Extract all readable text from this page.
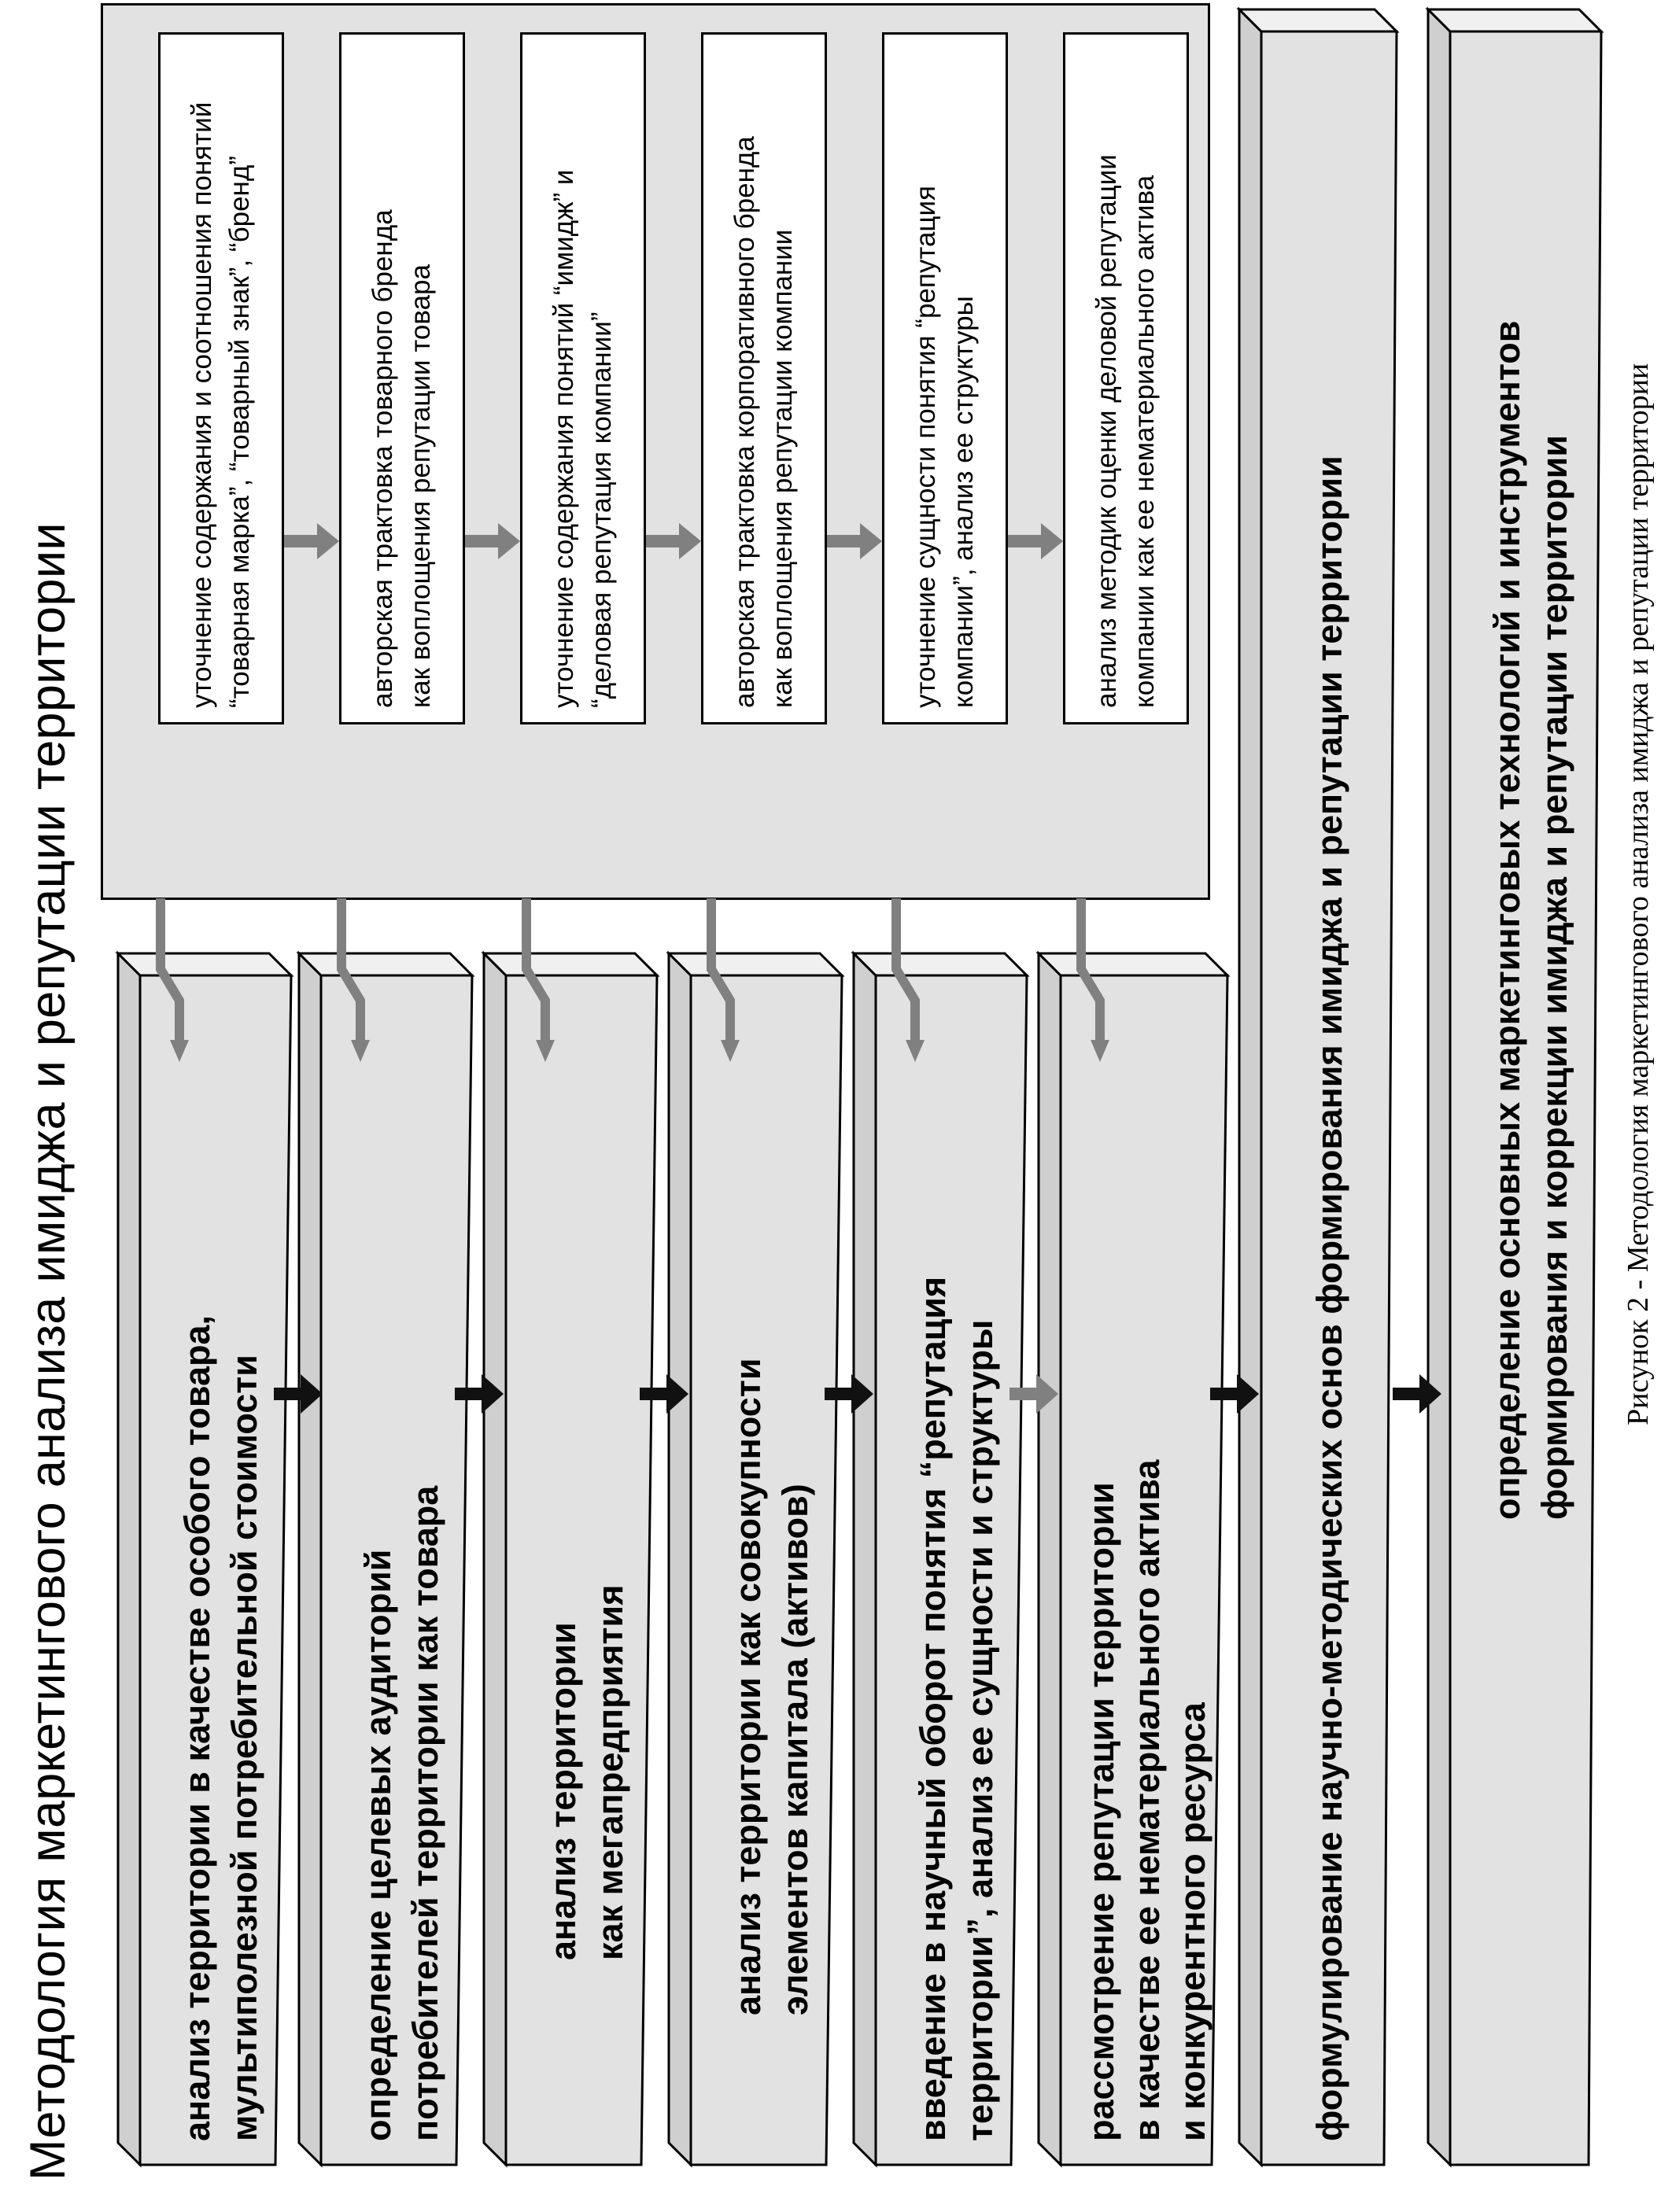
Методология маркетингового анализа имиджа и репутации территории
уточнение содержания и соотношения понятий “товарная марка”, “товарный знак”, “бренд”	авторская трактовка товарного бренда как воплощения репутации товара	уточнение содержания понятий “имидж” и “деловая репутация компании”	авторская трактовка корпоративного бренда как воплощения репутации компании	уточнение сущности понятия “репутация компании”, анализ ее структуры	анализ методик оценки деловой репутации компании как ее нематериального актива
анализ территории в качестве особого товара, мультиполезной потребительной стоимости	определение целевых аудиторий потребителей территории как товара	анализ территории как мегапредприятия	анализ территории как совокупности элементов капитала (активов)	введение в научный оборот понятия “репутация территории”, анализ ее сущности и структуры рассмотрение репутации территории в качестве ее нематериального актива и конкурентного ресурса	формулирование научно-методических основ формирования имиджа и репутации территории	определение основных маркетинговых технологий и инструментов формирования и коррекции имиджа и репутации территории Рисунок 2 - Методология маркетингового анализа имиджа и репутации территории
